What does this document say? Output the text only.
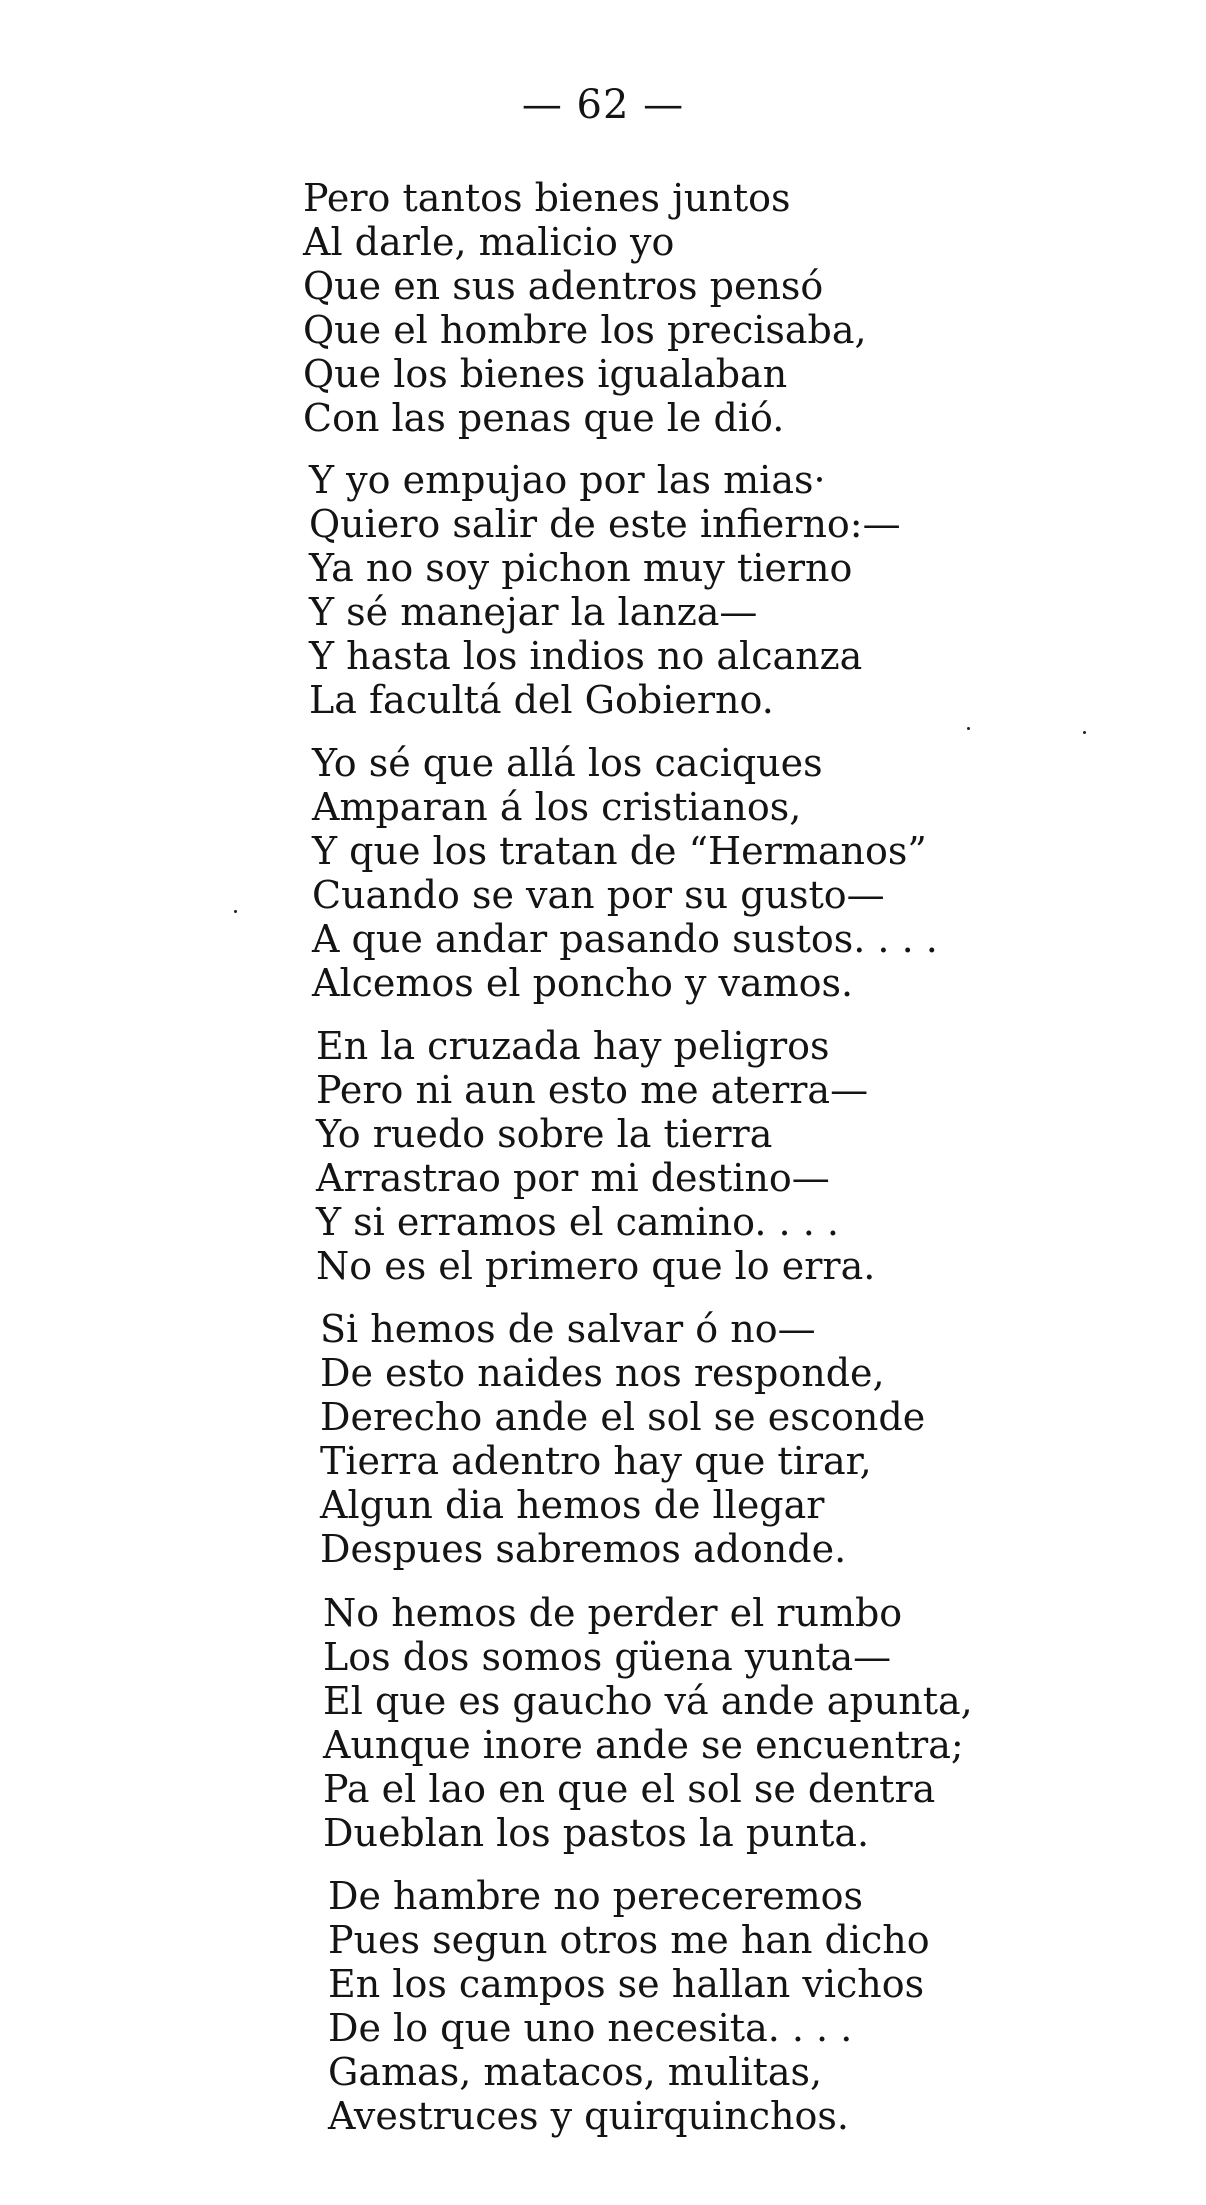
— 62 —
Pero tantos bienes juntos
Al darle, malicio yo
Que en sus adentros pensó
Que el hombre los precisaba,
Que los bienes igualaban
Con las penas que le dió.
Y yo empujao por las mias·
Quiero salir de este infierno:—
Ya no soy pichon muy tierno
Y sé manejar la lanza—
Y hasta los indios no alcanza
La facultá del Gobierno.
Yo sé que allá los caciques
Amparan á los cristianos,
Y que los tratan de “Hermanos”
Cuando se van por su gusto—
A que andar pasando sustos. . . .
Alcemos el poncho y vamos.
En la cruzada hay peligros
Pero ni aun esto me aterra—
Yo ruedo sobre la tierra
Arrastrao por mi destino—
Y si erramos el camino. . . .
No es el primero que lo erra.
Si hemos de salvar ó no—
De esto naides nos responde,
Derecho ande el sol se esconde
Tierra adentro hay que tirar,
Algun dia hemos de llegar
Despues sabremos adonde.
No hemos de perder el rumbo
Los dos somos güena yunta—
El que es gaucho vá ande apunta,
Aunque inore ande se encuentra;
Pa el lao en que el sol se dentra
Dueblan los pastos la punta.
De hambre no pereceremos
Pues segun otros me han dicho
En los campos se hallan vichos
De lo que uno necesita. . . .
Gamas, matacos, mulitas,
Avestruces y quirquinchos.
